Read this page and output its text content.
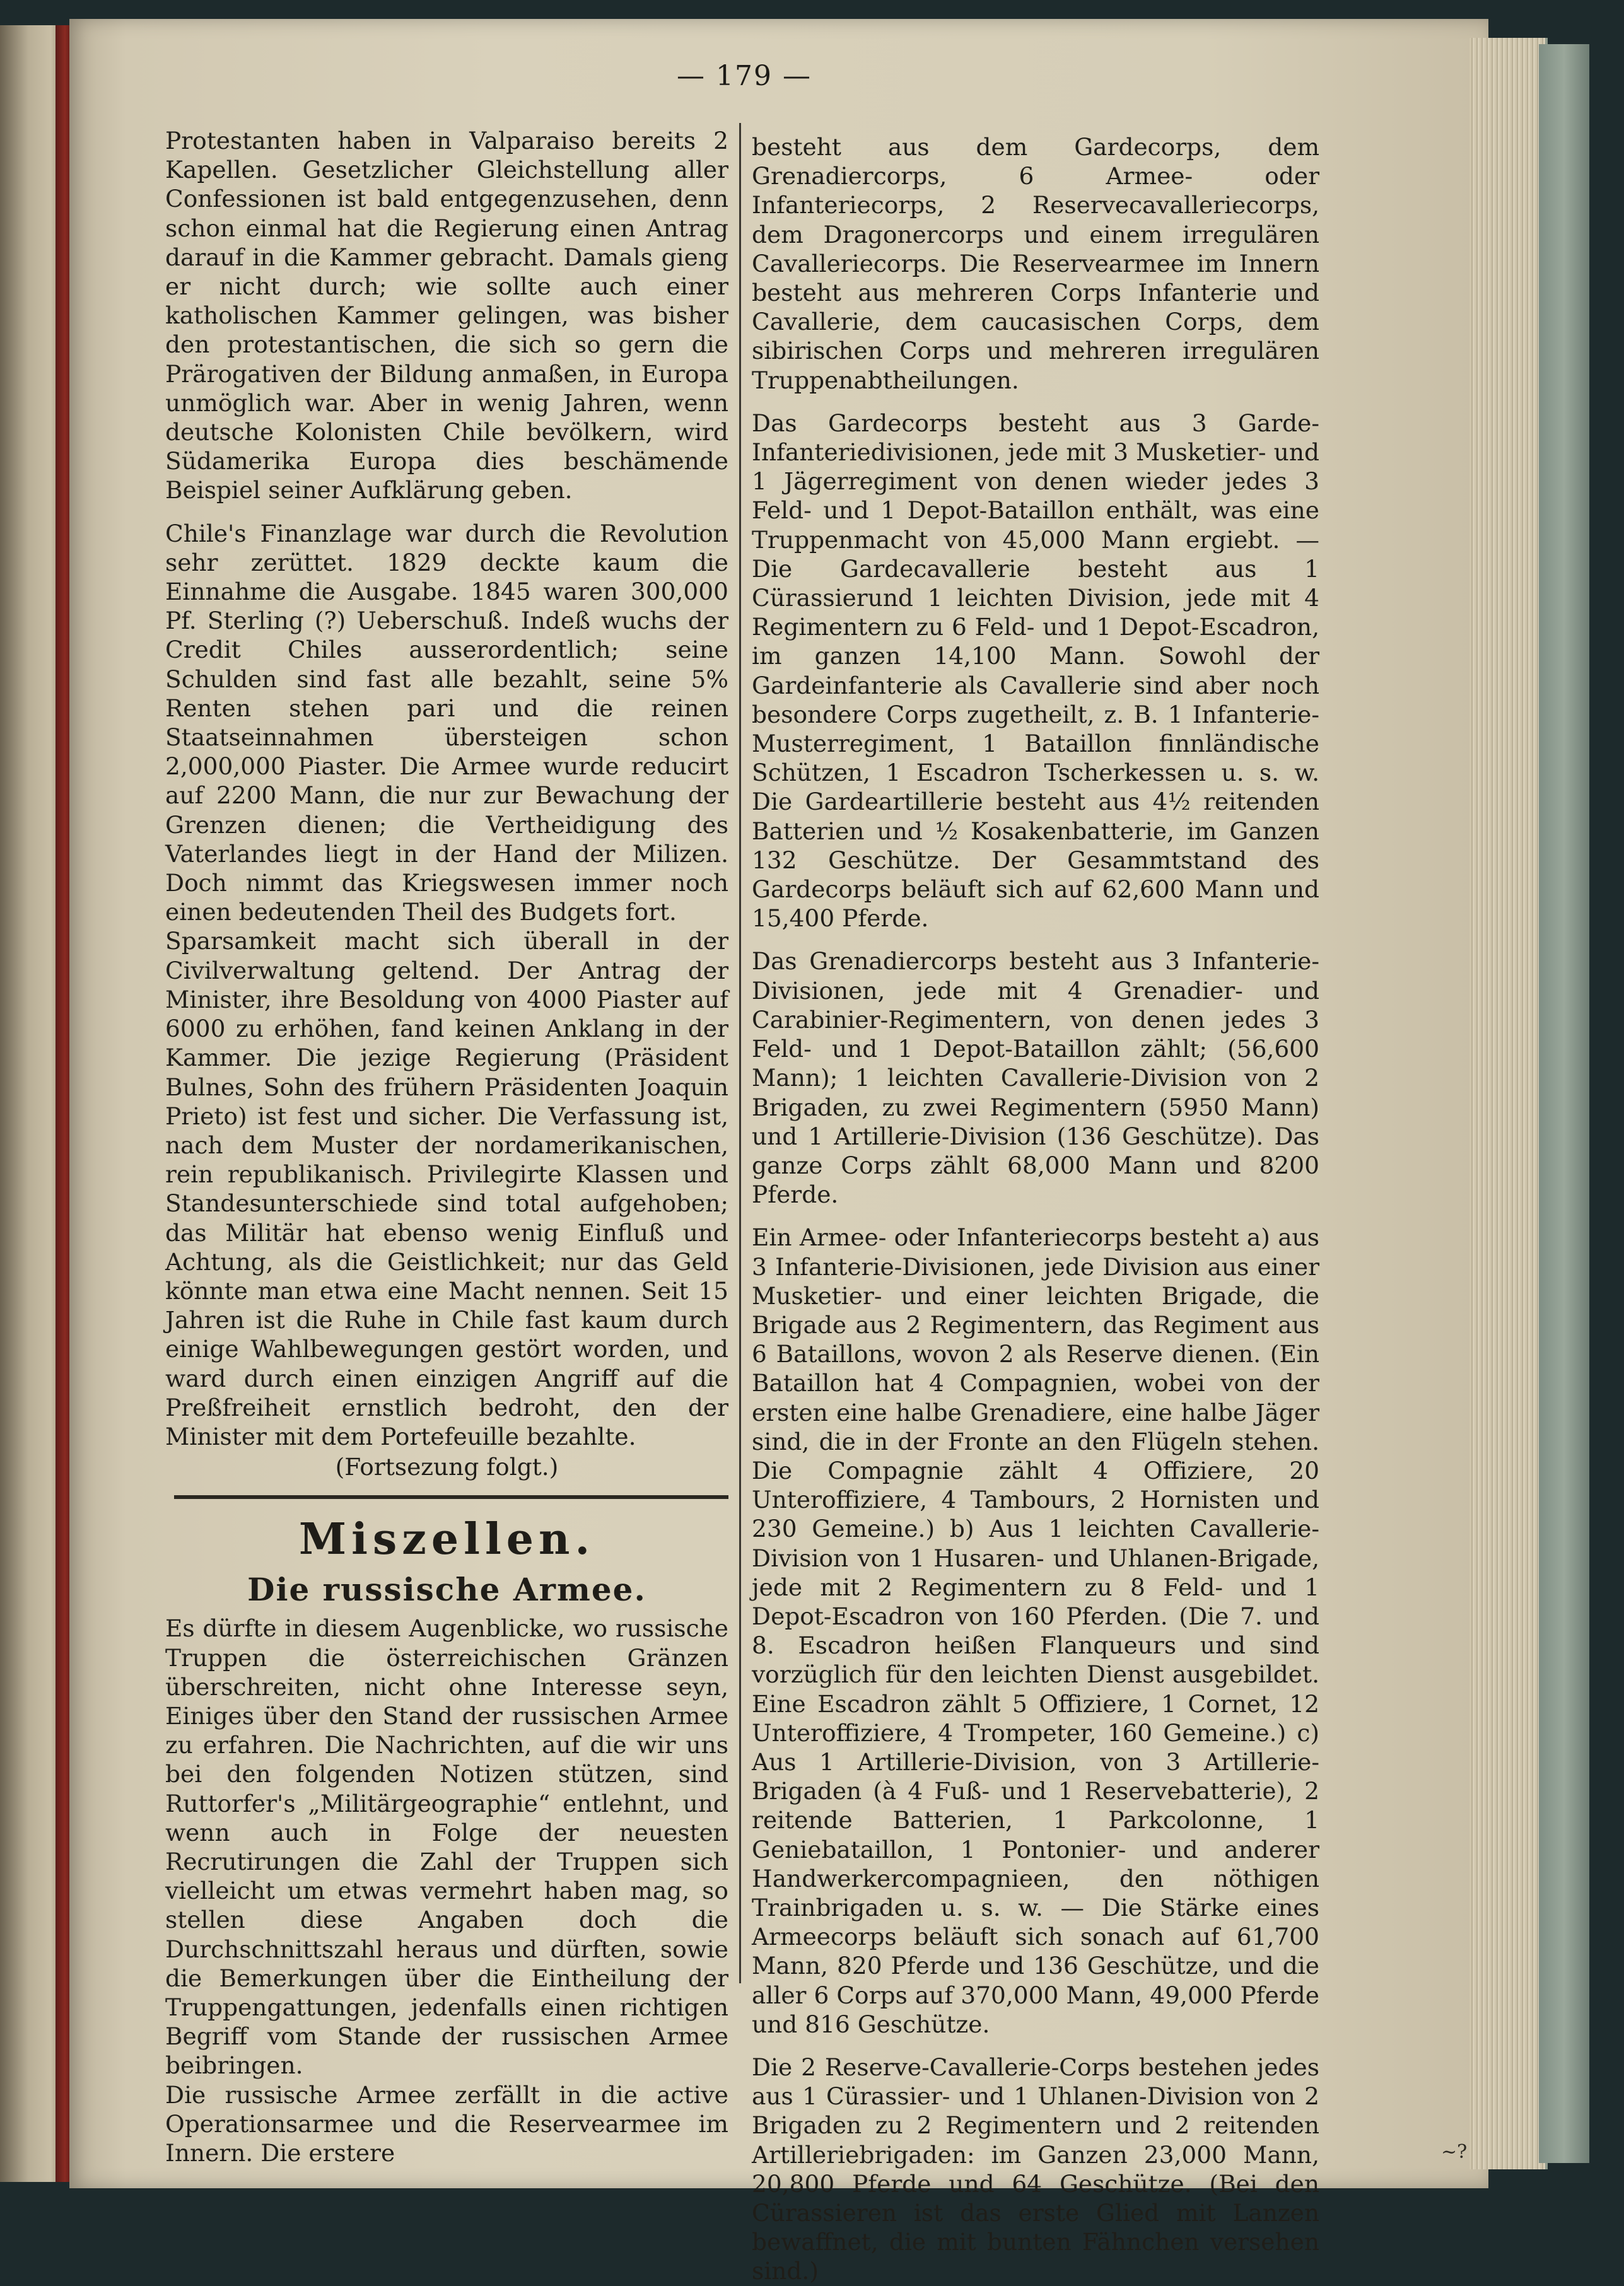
— 179 —

Protestanten haben in Valparaiso bereits 2 Kapellen. Gesetzlicher Gleichstellung aller Confessionen ist bald entgegenzusehen, denn schon einmal hat die Regierung einen Antrag darauf in die Kammer gebracht. Damals gieng er nicht durch; wie sollte auch einer katholischen Kammer gelingen, was bisher den protestantischen, die sich so gern die Prärogativen der Bildung anmaßen, in Europa unmöglich war. Aber in wenig Jahren, wenn deutsche Kolonisten Chile bevölkern, wird Südamerika Europa dies beschämende Beispiel seiner Aufklärung geben.

Chile's Finanzlage war durch die Revolution sehr zerüttet. 1829 deckte kaum die Einnahme die Ausgabe. 1845 waren 300,000 Pf. Sterling (?) Ueberschuß. Indeß wuchs der Credit Chiles ausserordentlich; seine Schulden sind fast alle bezahlt, seine 5% Renten stehen pari und die reinen Staatseinnahmen übersteigen schon 2,000,000 Piaster. Die Armee wurde reducirt auf 2200 Mann, die nur zur Bewachung der Grenzen dienen; die Vertheidigung des Vaterlandes liegt in der Hand der Milizen. Doch nimmt das Kriegswesen immer noch einen bedeutenden Theil des Budgets fort.

Sparsamkeit macht sich überall in der Civilverwaltung geltend. Der Antrag der Minister, ihre Besoldung von 4000 Piaster auf 6000 zu erhöhen, fand keinen Anklang in der Kammer. Die jezige Regierung (Präsident Bulnes, Sohn des frühern Präsidenten Joaquin Prieto) ist fest und sicher. Die Verfassung ist, nach dem Muster der nordamerikanischen, rein republikanisch. Privilegirte Klassen und Standesunterschiede sind total aufgehoben; das Militär hat ebenso wenig Einfluß und Achtung, als die Geistlichkeit; nur das Geld könnte man etwa eine Macht nennen. Seit 15 Jahren ist die Ruhe in Chile fast kaum durch einige Wahlbewegungen gestört worden, und ward durch einen einzigen Angriff auf die Preßfreiheit ernstlich bedroht, den der Minister mit dem Portefeuille bezahlte.

(Fortsezung folgt.)

Miszellen.
Die russische Armee.

Es dürfte in diesem Augenblicke, wo russische Truppen die österreichischen Gränzen überschreiten, nicht ohne Interesse seyn, Einiges über den Stand der russischen Armee zu erfahren. Die Nachrichten, auf die wir uns bei den folgenden Notizen stützen, sind Ruttorfer's „Militärgeographie“ entlehnt, und wenn auch in Folge der neuesten Recrutirungen die Zahl der Truppen sich vielleicht um etwas vermehrt haben mag, so stellen diese Angaben doch die Durchschnittszahl heraus und dürften, sowie die Bemerkungen über die Eintheilung der Truppengattungen, jedenfalls einen richtigen Begriff vom Stande der russischen Armee beibringen.

Die russische Armee zerfällt in die active Operationsarmee und die Reservearmee im Innern. Die erstere

besteht aus dem Gardecorps, dem Grenadiercorps, 6 Armee- oder Infanteriecorps, 2 Reservecavalleriecorps, dem Dragonercorps und einem irregulären Cavalleriecorps. Die Reservearmee im Innern besteht aus mehreren Corps Infanterie und Cavallerie, dem caucasischen Corps, dem sibirischen Corps und mehreren irregulären Truppenabtheilungen.

Das Gardecorps besteht aus 3 Garde-Infanteriedivisionen, jede mit 3 Musketier- und 1 Jägerregiment von denen wieder jedes 3 Feld- und 1 Depot-Bataillon enthält, was eine Truppenmacht von 45,000 Mann ergiebt. — Die Gardecavallerie besteht aus 1 Cürassierund 1 leichten Division, jede mit 4 Regimentern zu 6 Feld- und 1 Depot-Escadron, im ganzen 14,100 Mann. Sowohl der Gardeinfanterie als Cavallerie sind aber noch besondere Corps zugetheilt, z. B. 1 Infanterie-Musterregiment, 1 Bataillon finnländische Schützen, 1 Escadron Tscherkessen u. s. w. Die Gardeartillerie besteht aus 4½ reitenden Batterien und ½ Kosakenbatterie, im Ganzen 132 Geschütze. Der Gesammtstand des Gardecorps beläuft sich auf 62,600 Mann und 15,400 Pferde.

Das Grenadiercorps besteht aus 3 Infanterie-Divisionen, jede mit 4 Grenadier- und Carabinier-Regimentern, von denen jedes 3 Feld- und 1 Depot-Bataillon zählt; (56,600 Mann); 1 leichten Cavallerie-Division von 2 Brigaden, zu zwei Regimentern (5950 Mann) und 1 Artillerie-Division (136 Geschütze). Das ganze Corps zählt 68,000 Mann und 8200 Pferde.

Ein Armee- oder Infanteriecorps besteht a) aus 3 Infanterie-Divisionen, jede Division aus einer Musketier- und einer leichten Brigade, die Brigade aus 2 Regimentern, das Regiment aus 6 Bataillons, wovon 2 als Reserve dienen. (Ein Bataillon hat 4 Compagnien, wobei von der ersten eine halbe Grenadiere, eine halbe Jäger sind, die in der Fronte an den Flügeln stehen. Die Compagnie zählt 4 Offiziere, 20 Unteroffiziere, 4 Tambours, 2 Hornisten und 230 Gemeine.) b) Aus 1 leichten Cavallerie-Division von 1 Husaren- und Uhlanen-Brigade, jede mit 2 Regimentern zu 8 Feld- und 1 Depot-Escadron von 160 Pferden. (Die 7. und 8. Escadron heißen Flanqueurs und sind vorzüglich für den leichten Dienst ausgebildet. Eine Escadron zählt 5 Offiziere, 1 Cornet, 12 Unteroffiziere, 4 Trompeter, 160 Gemeine.) c) Aus 1 Artillerie-Division, von 3 Artillerie-Brigaden (à 4 Fuß- und 1 Reservebatterie), 2 reitende Batterien, 1 Parkcolonne, 1 Geniebataillon, 1 Pontonier- und anderer Handwerkercompagnieen, den nöthigen Trainbrigaden u. s. w. — Die Stärke eines Armeecorps beläuft sich sonach auf 61,700 Mann, 820 Pferde und 136 Geschütze, und die aller 6 Corps auf 370,000 Mann, 49,000 Pferde und 816 Geschütze.

Die 2 Reserve-Cavallerie-Corps bestehen jedes aus 1 Cürassier- und 1 Uhlanen-Division von 2 Brigaden zu 2 Regimentern und 2 reitenden Artilleriebrigaden: im Ganzen 23,000 Mann, 20,800 Pferde und 64 Geschütze. (Bei den Cürassieren ist das erste Glied mit Lanzen bewaffnet, die mit bunten Fähnchen versehen sind.)

~?
